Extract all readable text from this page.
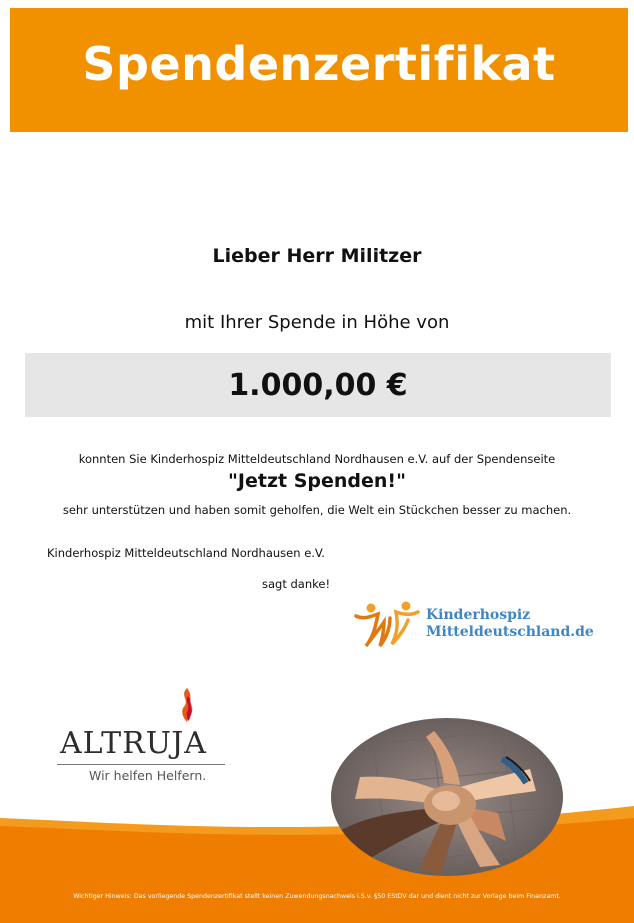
Spendenzertifikat
Lieber Herr Militzer
mit Ihrer Spende in Höhe von
1.000,00 €
konnten Sie Kinderhospiz Mitteldeutschland Nordhausen e.V. auf der Spendenseite
"Jetzt Spenden!"
sehr unterstützen und haben somit geholfen, die Welt ein Stückchen besser zu machen.
Kinderhospiz Mitteldeutschland Nordhausen e.V.
sagt danke!
Kinderhospiz
Mitteldeutschland.de
ALTRUJA
Wir helfen Helfern.
Wichtiger Hinweis: Das vorliegende Spendenzertifikat stellt keinen Zuwendungsnachweis i.S.v. §50 EStDV dar und dient nicht zur Vorlage beim Finanzamt.
